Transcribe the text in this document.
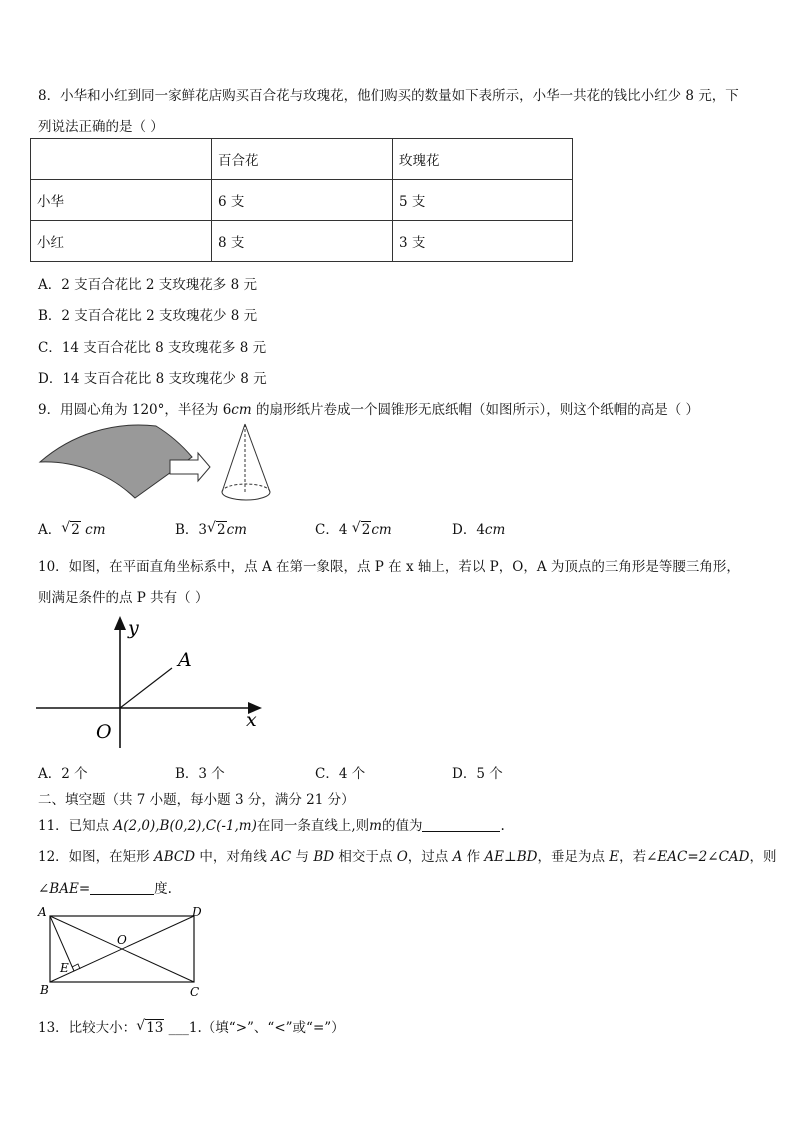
8．小华和小红到同一家鲜花店购买百合花与玫瑰花，他们购买的数量如下表所示，小华一共花的钱比小红少 8 元，下
列说法正确的是（ ）
	百合花	玫瑰花
小华	6 支	5 支
小红	8 支	3 支
A．2 支百合花比 2 支玫瑰花多 8 元
B．2 支百合花比 2 支玫瑰花少 8 元
C．14 支百合花比 8 支玫瑰花多 8 元
D．14 支百合花比 8 支玫瑰花少 8 元
9．用圆心角为 120°，半径为 6cm 的扇形纸片卷成一个圆锥形无底纸帽（如图所示），则这个纸帽的高是（ ）
A． √ 2 cm	B．3 √ 2cm	C．4 √ 2cm	D．4cm
10．如图，在平面直角坐标系中，点 A 在第一象限，点 P 在 x 轴上，若以 P，O，A 为顶点的三角形是等腰三角形，
则满足条件的点 P 共有（ ）
y
x
O
A
A．2 个	B．3 个	C．4 个	D．5 个
二、填空题（共 7 小题，每小题 3 分，满分 21 分）
11．已知点 A(2,0),B(0,2),C(-1,m)在同一条直线上,则m的值为	.
12．如图，在矩形 ABCD 中，对角线 AC 与 BD 相交于点 O，过点 A 作 AE⊥BD，垂足为点 E，若∠EAC=2∠CAD，则
∠BAE=	度.
A	D
B	C
O
E
13．比较大小： √ 13 ___1.（填“>”、“<”或“=”）
